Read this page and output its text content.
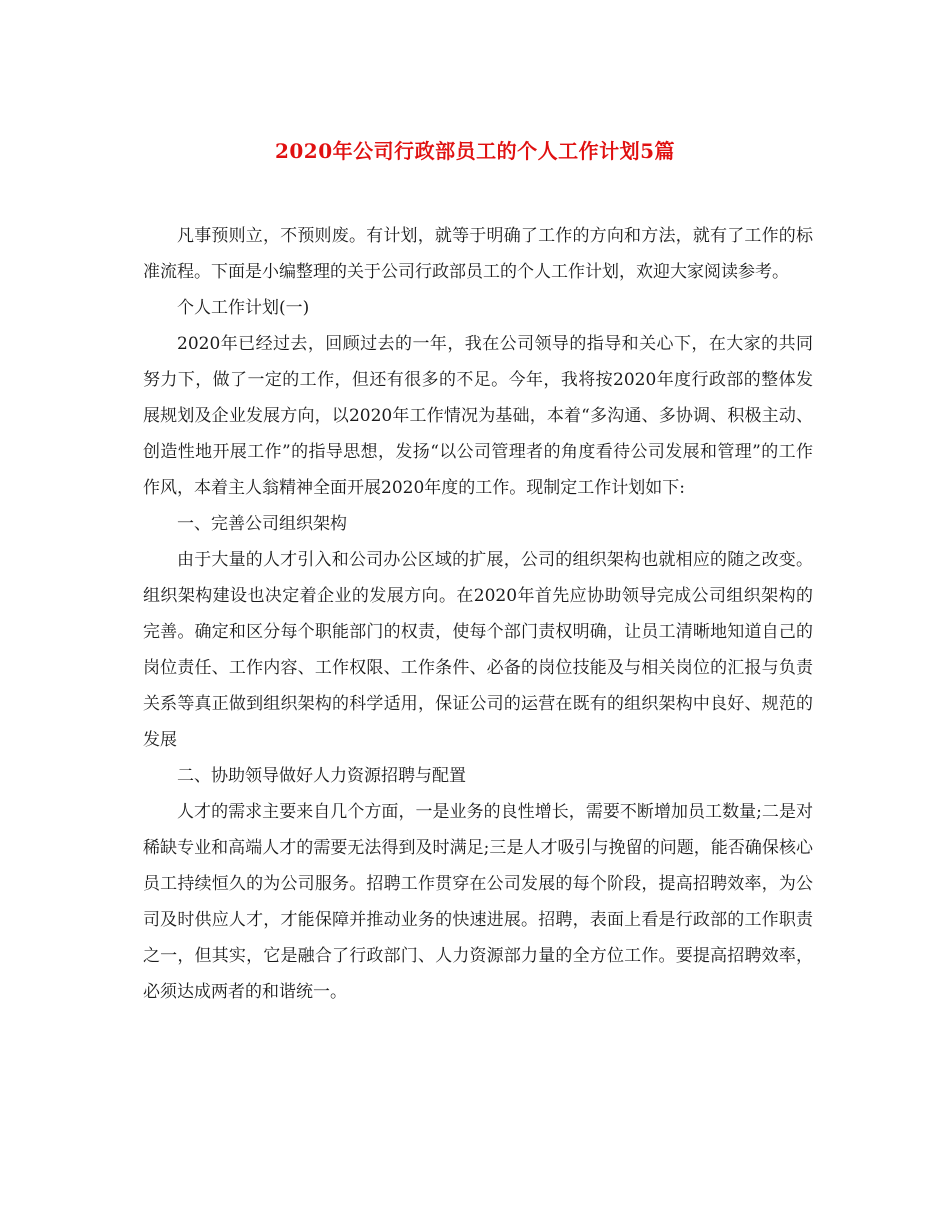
2020年公司行政部员工的个人工作计划5篇

凡事预则立，不预则废。有计划，就等于明确了工作的方向和方法，就有了工作的标准流程。下面是小编整理的关于公司行政部员工的个人工作计划，欢迎大家阅读参考。

个人工作计划(一)

2020年已经过去，回顾过去的一年，我在公司领导的指导和关心下，在大家的共同努力下，做了一定的工作，但还有很多的不足。今年，我将按2020年度行政部的整体发展规划及企业发展方向，以2020年工作情况为基础，本着“多沟通、多协调、积极主动、创造性地开展工作”的指导思想，发扬“以公司管理者的角度看待公司发展和管理”的工作作风，本着主人翁精神全面开展2020年度的工作。现制定工作计划如下:

一、完善公司组织架构

由于大量的人才引入和公司办公区域的扩展，公司的组织架构也就相应的随之改变。组织架构建设也决定着企业的发展方向。在2020年首先应协助领导完成公司组织架构的完善。确定和区分每个职能部门的权责，使每个部门责权明确，让员工清晰地知道自己的岗位责任、工作内容、工作权限、工作条件、必备的岗位技能及与相关岗位的汇报与负责关系等真正做到组织架构的科学适用，保证公司的运营在既有的组织架构中良好、规范的发展

二、协助领导做好人力资源招聘与配置

人才的需求主要来自几个方面，一是业务的良性增长，需要不断增加员工数量;二是对稀缺专业和高端人才的需要无法得到及时满足;三是人才吸引与挽留的问题，能否确保核心员工持续恒久的为公司服务。招聘工作贯穿在公司发展的每个阶段，提高招聘效率，为公司及时供应人才，才能保障并推动业务的快速进展。招聘，表面上看是行政部的工作职责之一，但其实，它是融合了行政部门、人力资源部力量的全方位工作。要提高招聘效率，必须达成两者的和谐统一。
